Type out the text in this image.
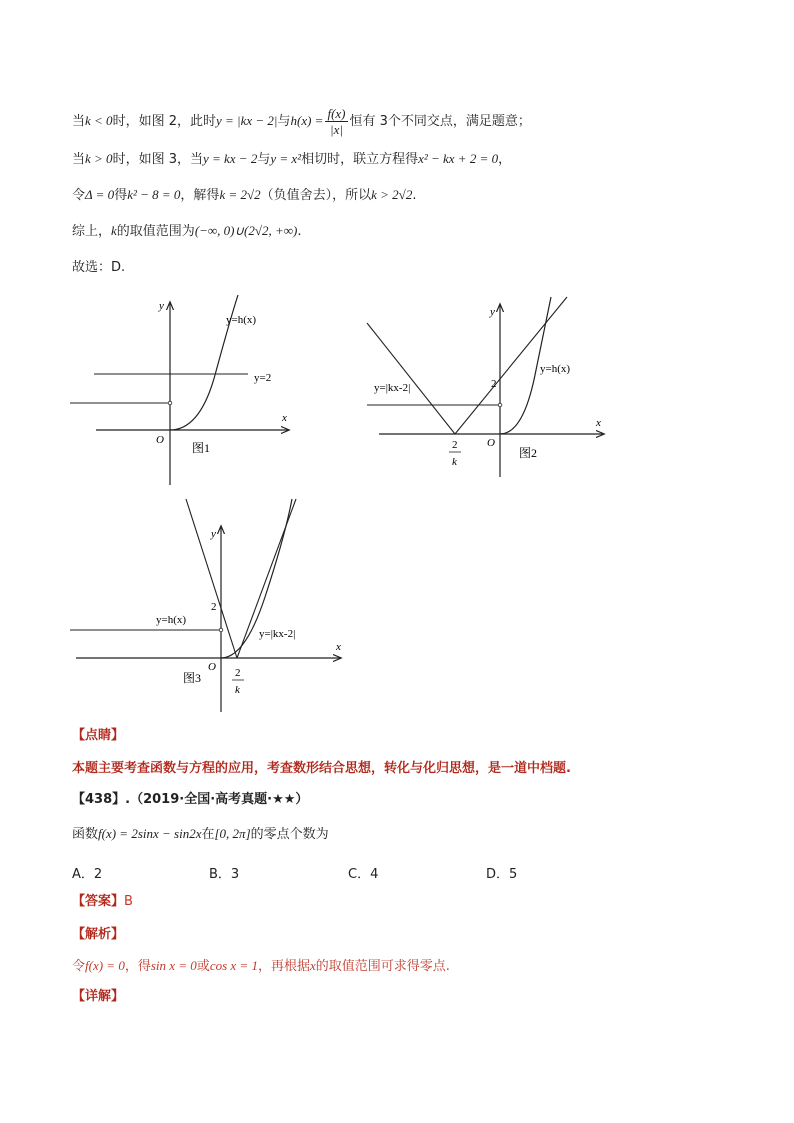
当k < 0时，如图 2，此时y = |kx − 2|与$h(x) = \frac{f(x)}{|x|}$ 恒有 3个不同交点，满足题意；
当k > 0时，如图 3，当y = kx − 2与y = x²相切时，联立方程得x² − kx + 2 = 0，
令Δ = 0得k² − 8 = 0，解得k = 2√2（负值舍去），所以k > 2√2.
综上，k的取值范围为(−∞, 0)∪(2√2, +∞).
故选：D.
y
x
O
y=h(x)
y=2
图1
y
x
O
2
y=h(x)
y=|kx-2|
2
k
图2
y
x
O
2
y=h(x)
y=|kx-2|
2
k
图3
【点睛】
本题主要考查函数与方程的应用，考查数形结合思想，转化与化归思想，是一道中档题.
【438】.（2019·全国·高考真题·★★）
函数f(x) = 2sinx − sin2x在[0, 2π]的零点个数为
A．2	B．3	C．4	D．5
【答案】B
【解析】
令f(x) = 0，得sin x = 0或cos x = 1，再根据x的取值范围可求得零点.
【详解】
